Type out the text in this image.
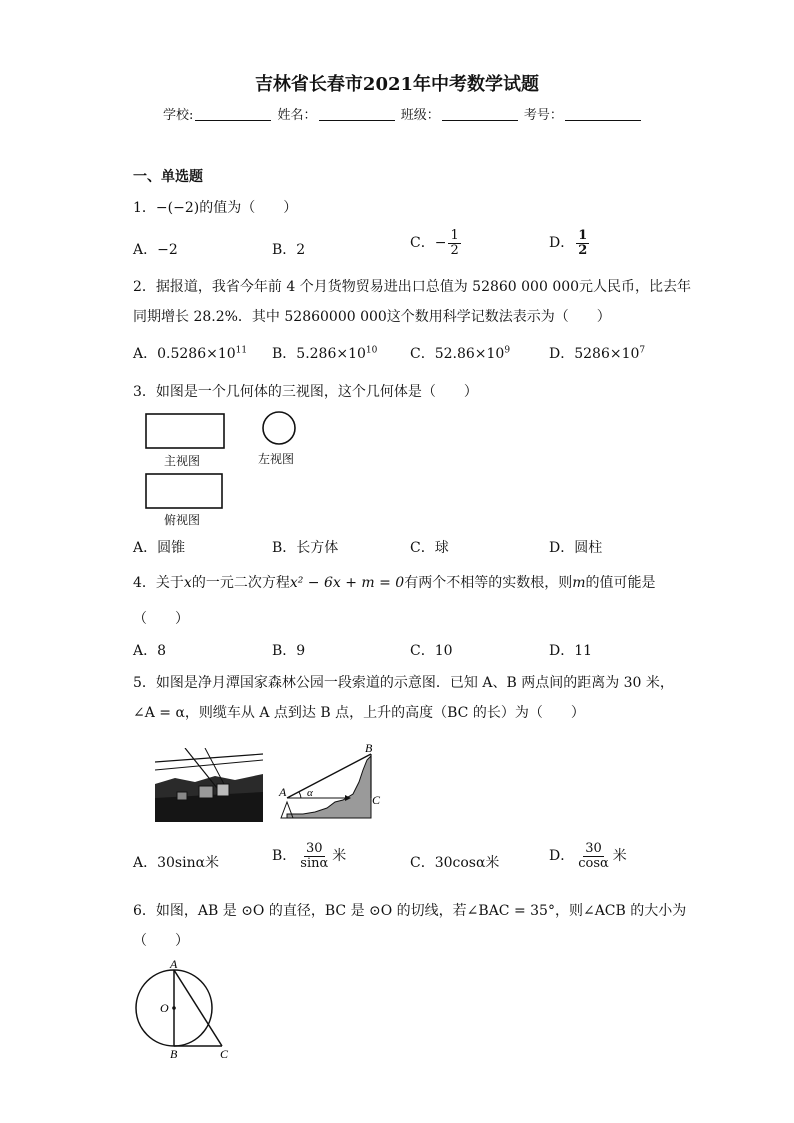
吉林省长春市2021年中考数学试题
学校:	姓名：	班级：	考号：
一、单选题
1．−(−2)的值为（　　）
A．−2	B．2	C．− $\frac{1}{2}$	D． $\frac{1}{2}$
2．据报道，我省今年前 4 个月货物贸易进出口总值为 52860 000 000元人民币，比去年
同期增长 28.2%．其中 52860000 000这个数用科学记数法表示为（　　）
A．$0.5286\times 10^{11}$ B．$5.286\times 10^{10}$ C．$52.86\times 10^9$	D．$5286\times 10^7$
3．如图是一个几何体的三视图，这个几何体是（　　）
主视图	左视图
俯视图
A．圆锥	B．长方体	C．球	D．圆柱
4．关于x的一元二次方程x² − 6x + m = 0有两个不相等的实数根，则m的值可能是
（　　）
A．8	B．9	C．10	D．11
5．如图是净月潭国家森林公园一段索道的示意图．已知 A、B 两点间的距离为 30 米，
∠A = α，则缆车从 A 点到达 B 点，上升的高度（BC 的长）为（　　）
A
B
C
α
A．30sinα米	B． $\frac{30}{\sin\alpha}$ 米	C．30cosα米	D． $\frac{30}{\cos\alpha}$ 米
6．如图，AB 是 ⊙O 的直径，BC 是 ⊙O 的切线，若∠BAC = 35°，则∠ACB 的大小为
（　　）
A
O
B	C
